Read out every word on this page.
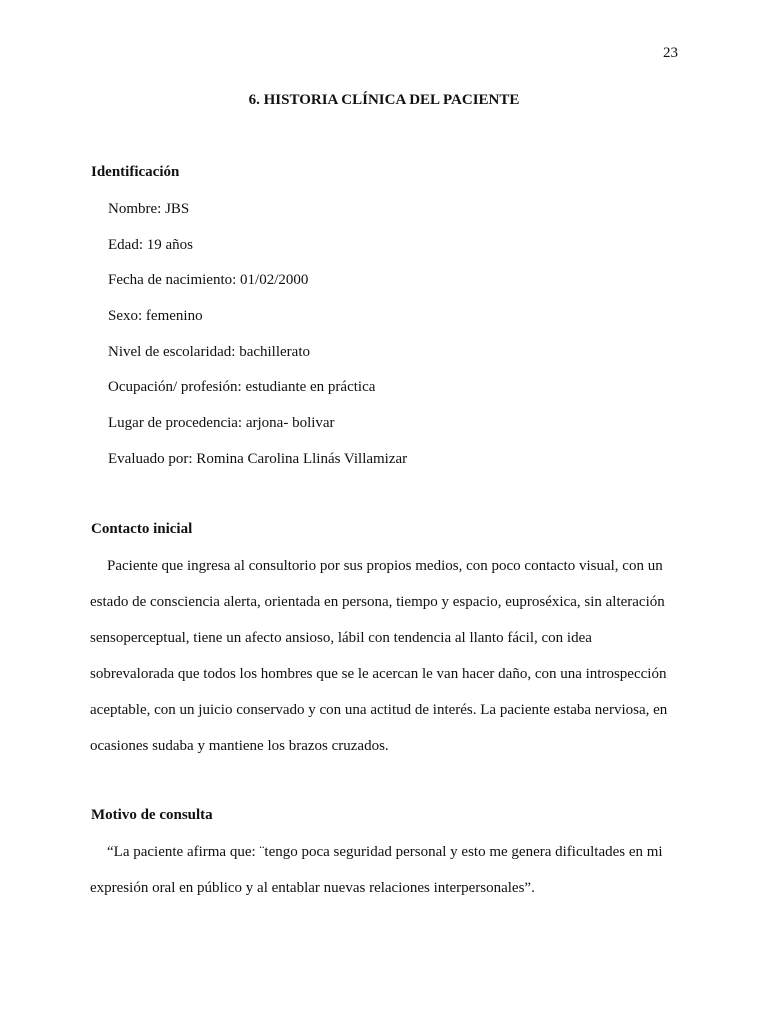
23
6. HISTORIA CLÍNICA DEL PACIENTE
Identificación
Nombre: JBS
Edad: 19 años
Fecha de nacimiento: 01/02/2000
Sexo: femenino
Nivel de escolaridad: bachillerato
Ocupación/ profesión: estudiante en práctica
Lugar de procedencia: arjona- bolivar
Evaluado por: Romina Carolina Llinás Villamizar
Contacto inicial

Paciente que ingresa al consultorio por sus propios medios, con poco contacto visual, con un
estado de consciencia alerta, orientada en persona, tiempo y espacio, euproséxica, sin alteración
sensoperceptual, tiene un afecto ansioso, lábil con tendencia al llanto fácil, con idea
sobrevalorada que todos los hombres que se le acercan le van hacer daño, con una introspección
aceptable, con un juicio conservado y con una actitud de interés. La paciente estaba nerviosa, en
ocasiones sudaba y mantiene los brazos cruzados.

Motivo de consulta

“La paciente afirma que: ¨tengo poca seguridad personal y esto me genera dificultades en mi
expresión oral en público y al entablar nuevas relaciones interpersonales”.
